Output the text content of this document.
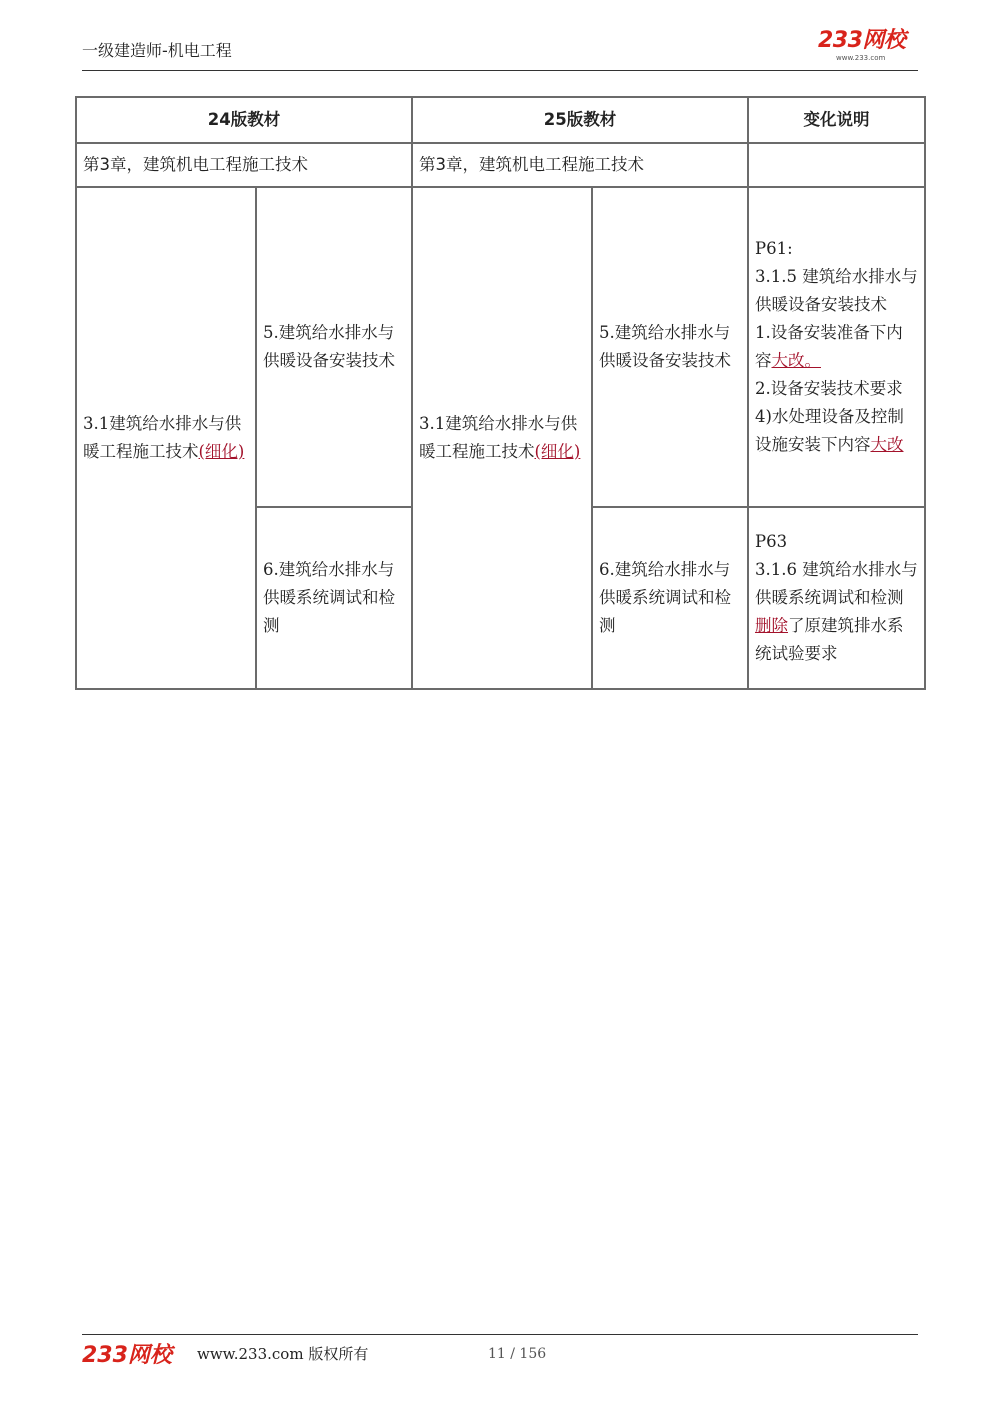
一级建造师-机电工程	233网校
www.233.com
24版教材		25版教材		变化说明
第3章，建筑机电工程施工技术		第3章，建筑机电工程施工技术		
3.1建筑给水排水与供暖工程施工技术(细化)	5.建筑给水排水与供暖设备安装技术	3.1建筑给水排水与供暖工程施工技术(细化)	5.建筑给水排水与供暖设备安装技术	P61:
3.1.5 建筑给水排水与供暖设备安装技术
1.设备安装准备下内容大改。
2.设备安装技术要求
4)水处理设备及控制设施安装下内容大改

	6.建筑给水排水与供暖系统调试和检测		6.建筑给水排水与供暖系统调试和检测	P63
3.1.6 建筑给水排水与供暖系统调试和检测
删除了原建筑排水系统试验要求
233网校 www.233.com 版权所有	11 / 156
